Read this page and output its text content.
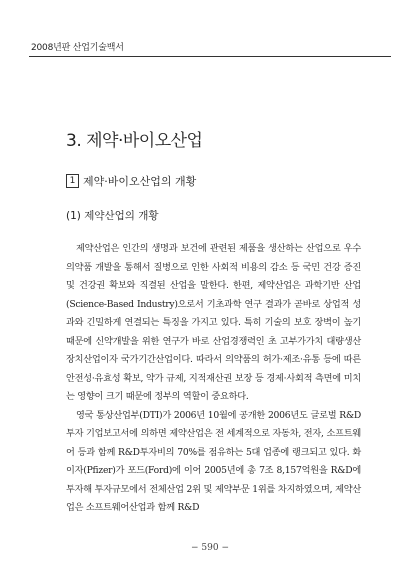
2008년판 산업기술백서
3. 제약·바이오산업
1 제약·바이오산업의 개황
(1) 제약산업의 개황

제약산업은 인간의 생명과 보건에 관련된 제품을 생산하는 산업으로 우수 의약품 개발을 통해서 질병으로 인한 사회적 비용의 감소 등 국민 건강 증진 및 건강권 확보와 직결된 산업을 말한다. 한편, 제약산업은 과학기반 산업(Science-Based Industry)으로서 기초과학 연구 결과가 곧바로 상업적 성과와 긴밀하게 연결되는 특징을 가지고 있다. 특히 기술의 보호 장벽이 높기 때문에 신약개발을 위한 연구가 바로 산업경쟁력인 초 고부가가치 대량생산 장치산업이자 국가기간산업이다. 따라서 의약품의 허가·제조·유통 등에 따른 안전성·유효성 확보, 약가 규제, 지적재산권 보장 등 경제·사회적 측면에 미치는 영향이 크기 때문에 정부의 역할이 중요하다.

영국 통상산업부(DTI)가 2006년 10월에 공개한 2006년도 글로벌 R&D투자 기업보고서에 의하면 제약산업은 전 세계적으로 자동차, 전자, 소프트웨어 등과 함께 R&D투자비의 70%를 점유하는 5대 업종에 랭크되고 있다. 화이자(Pfizer)가 포드(Ford)에 이어 2005년에 총 7조 8,157억원을 R&D에 투자해 투자규모에서 전체산업 2위 및 제약부문 1위를 차지하였으며, 제약산업은 소프트웨어산업과 함께 R&D

− 590 −
